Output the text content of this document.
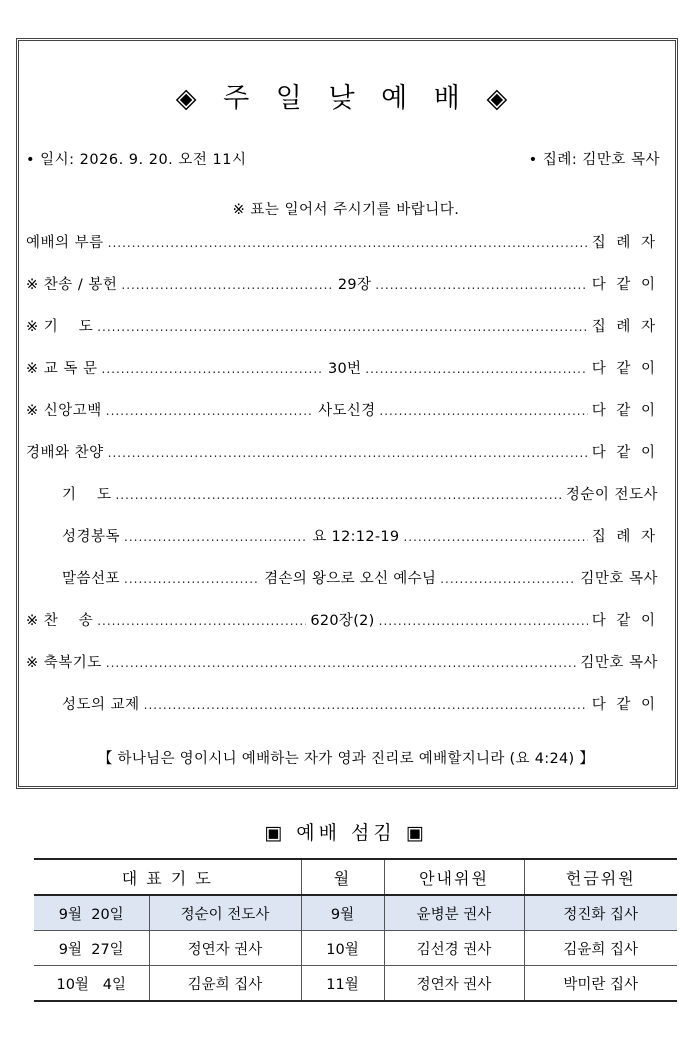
◈ 주 일 낮 예 배 ◈
• 일시: 2026. 9. 20. 오전 11시	• 집례: 김만호 목사
※ 표는 일어서 주시기를 바랍니다.
예배의 부름 .....	집 례 자
※ 찬송 / 봉헌 .....	29장 .....	다 같 이
※ 기    도 .....	집 례 자
※ 교 독 문 .....	30번 .....	다 같 이
※ 신앙고백 .....	사도신경 .....	다 같 이
경배와 찬양 .....	다 같 이
기    도 .....	정순이 전도사
성경봉독 .....	요 12:12-19 .....	집 례 자
말씀선포 .....	겸손의 왕으로 오신 예수님 .....	김만호 목사
※ 찬    송 .....	620장(2) .....	다 같 이
※ 축복기도 .....	김만호 목사
성도의 교제 .....	다 같 이
【 하나님은 영이시니 예배하는 자가 영과 진리로 예배할지니라 (요 4:24) 】
▣ 예배 섬김 ▣
대 표 기 도		월	안내위원	헌금위원
9월  20일	정순이 전도사	9월	윤병분 권사	정진화 집사
9월  27일	정연자 권사	10월	김선경 권사	김윤희 집사
10월   4일	김윤희 집사	11월	정연자 권사	박미란 집사
